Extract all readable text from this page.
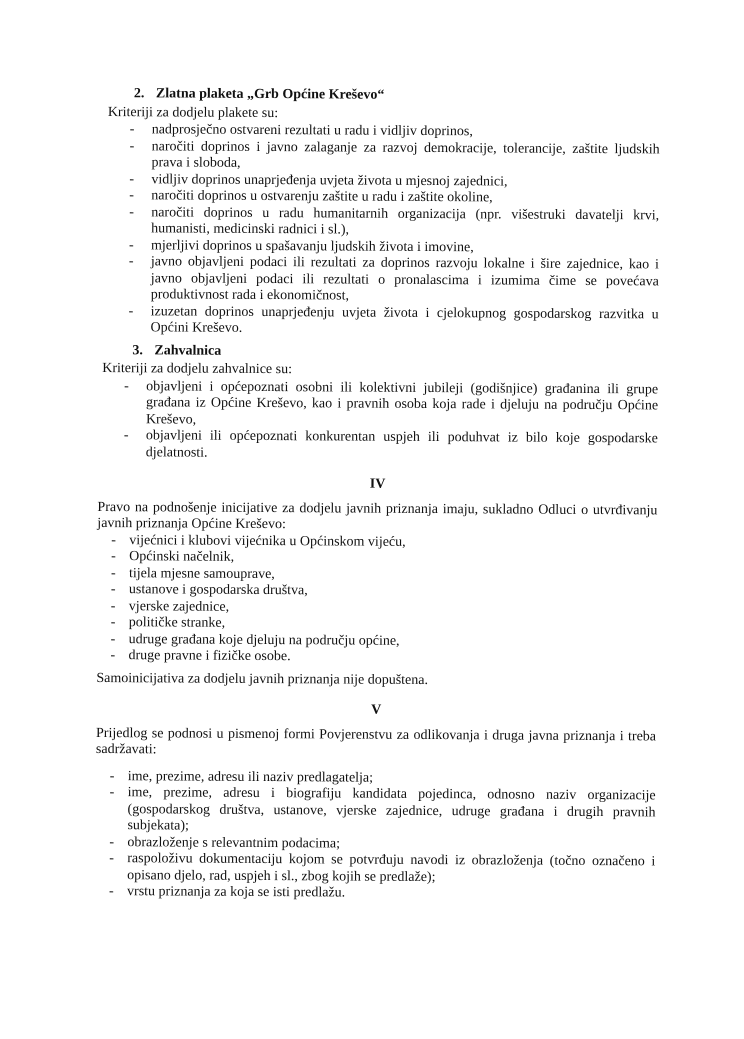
2. Zlatna plaketa „Grb Općine Kreševo“
Kriteriji za dodjelu plakete su:
- nadprosječno ostvareni rezultati u radu i vidljiv doprinos,
- naročiti doprinos i javno zalaganje za razvoj demokracije, tolerancije, zaštite ljudskih prava i sloboda,
- vidljiv doprinos unaprjeđenja uvjeta života u mjesnoj zajednici,
- naročiti doprinos u ostvarenju zaštite u radu i zaštite okoline,
- naročiti doprinos u radu humanitarnih organizacija (npr. višestruki davatelji krvi, humanisti, medicinski radnici i sl.),
- mjerljivi doprinos u spašavanju ljudskih života i imovine,
- javno objavljeni podaci ili rezultati za doprinos razvoju lokalne i šire zajednice, kao i javno objavljeni podaci ili rezultati o pronalascima i izumima čime se povećava produktivnost rada i ekonomičnost,
- izuzetan doprinos unaprjeđenju uvjeta života i cjelokupnog gospodarskog razvitka u Općini Kreševo.
3. Zahvalnica
Kriteriji za dodjelu zahvalnice su:
- objavljeni i općepoznati osobni ili kolektivni jubileji (godišnjice) građanina ili grupe građana iz Općine Kreševo, kao i pravnih osoba koja rade i djeluju na području Općine Kreševo,
- objavljeni ili općepoznati konkurentan uspjeh ili poduhvat iz bilo koje gospodarske djelatnosti.
IV
Pravo na podnošenje inicijative za dodjelu javnih priznanja imaju, sukladno Odluci o utvrđivanju javnih priznanja Općine Kreševo:
- vijećnici i klubovi vijećnika u Općinskom vijeću,
- Općinski načelnik,
- tijela mjesne samouprave,
- ustanove i gospodarska društva,
- vjerske zajednice,
- političke stranke,
- udruge građana koje djeluju na području općine,
- druge pravne i fizičke osobe.
Samoinicijativa za dodjelu javnih priznanja nije dopuštena.
V
Prijedlog se podnosi u pismenoj formi Povjerenstvu za odlikovanja i druga javna priznanja i treba sadržavati:
- ime, prezime, adresu ili naziv predlagatelja;
- ime, prezime, adresu i biografiju kandidata pojedinca, odnosno naziv organizacije (gospodarskog društva, ustanove, vjerske zajednice, udruge građana i drugih pravnih subjekata);
- obrazloženje s relevantnim podacima;
- raspoloživu dokumentaciju kojom se potvrđuju navodi iz obrazloženja (točno označeno i opisano djelo, rad, uspjeh i sl., zbog kojih se predlaže);
- vrstu priznanja za koja se isti predlažu.
